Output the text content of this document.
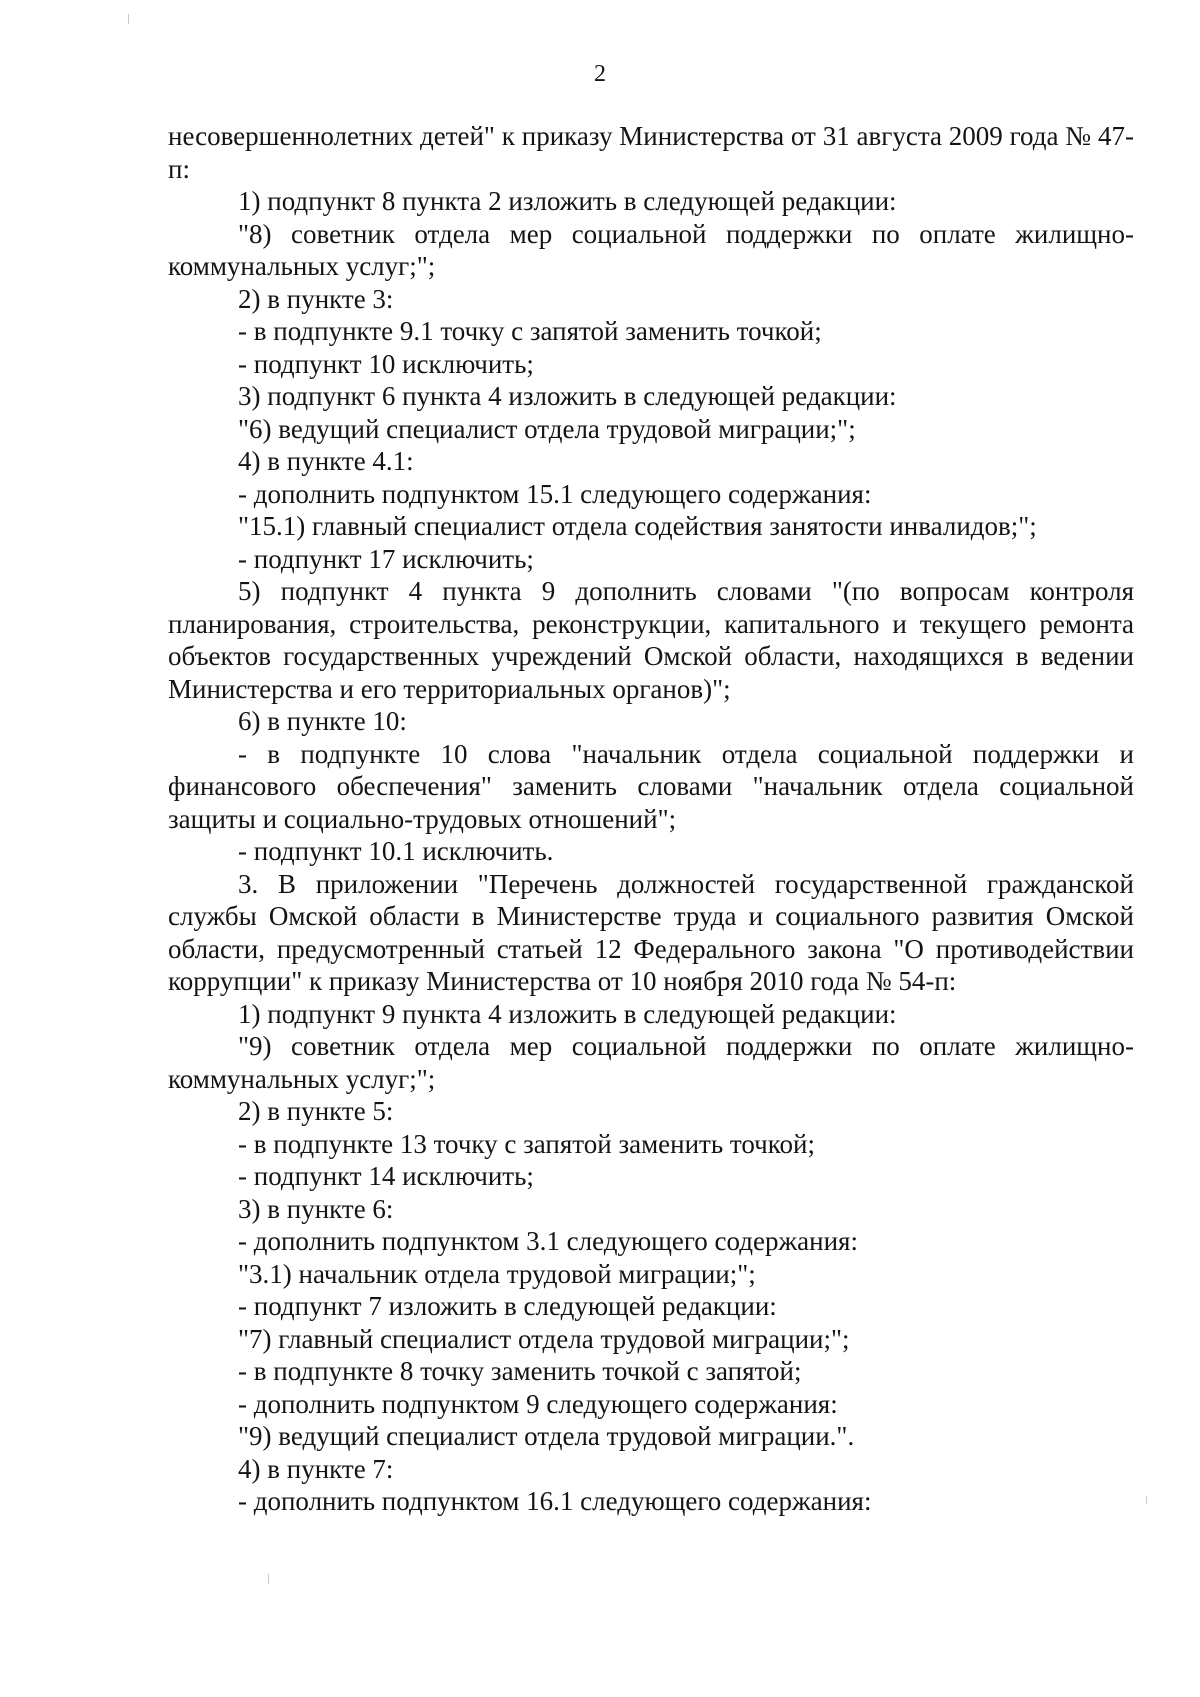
2

несовершеннолетних детей" к приказу Министерства от 31 августа 2009 года № 47-п:

1) подпункт 8 пункта 2 изложить в следующей редакции:

"8) советник отдела мер социальной поддержки по оплате жилищно-коммунальных услуг;";

2) в пункте 3:

- в подпункте 9.1 точку с запятой заменить точкой;

- подпункт 10 исключить;

3) подпункт 6 пункта 4 изложить в следующей редакции:

"6) ведущий специалист отдела трудовой миграции;";

4) в пункте 4.1:

- дополнить подпунктом 15.1 следующего содержания:

"15.1) главный специалист отдела содействия занятости инвалидов;";

- подпункт 17 исключить;

5) подпункт 4 пункта 9 дополнить словами "(по вопросам контроля планирования, строительства, реконструкции, капитального и текущего ремонта объектов государственных учреждений Омской области, находящихся в ведении Министерства и его территориальных органов)";

6) в пункте 10:

- в подпункте 10 слова "начальник отдела социальной поддержки и финансового обеспечения" заменить словами "начальник отдела социальной защиты и социально-трудовых отношений";

- подпункт 10.1 исключить.

3. В приложении "Перечень должностей государственной гражданской службы Омской области в Министерстве труда и социального развития Омской области, предусмотренный статьей 12 Федерального закона "О противодействии коррупции" к приказу Министерства от 10 ноября 2010 года № 54-п:

1) подпункт 9 пункта 4 изложить в следующей редакции:

"9) советник отдела мер социальной поддержки по оплате жилищно-коммунальных услуг;";

2) в пункте 5:

- в подпункте 13 точку с запятой заменить точкой;

- подпункт 14 исключить;

3) в пункте 6:

- дополнить подпунктом 3.1 следующего содержания:

"3.1) начальник отдела трудовой миграции;";

- подпункт 7 изложить в следующей редакции:

"7) главный специалист отдела трудовой миграции;";

- в подпункте 8 точку заменить точкой с запятой;

- дополнить подпунктом 9 следующего содержания:

"9) ведущий специалист отдела трудовой миграции.".

4) в пункте 7:

- дополнить подпунктом 16.1 следующего содержания:
